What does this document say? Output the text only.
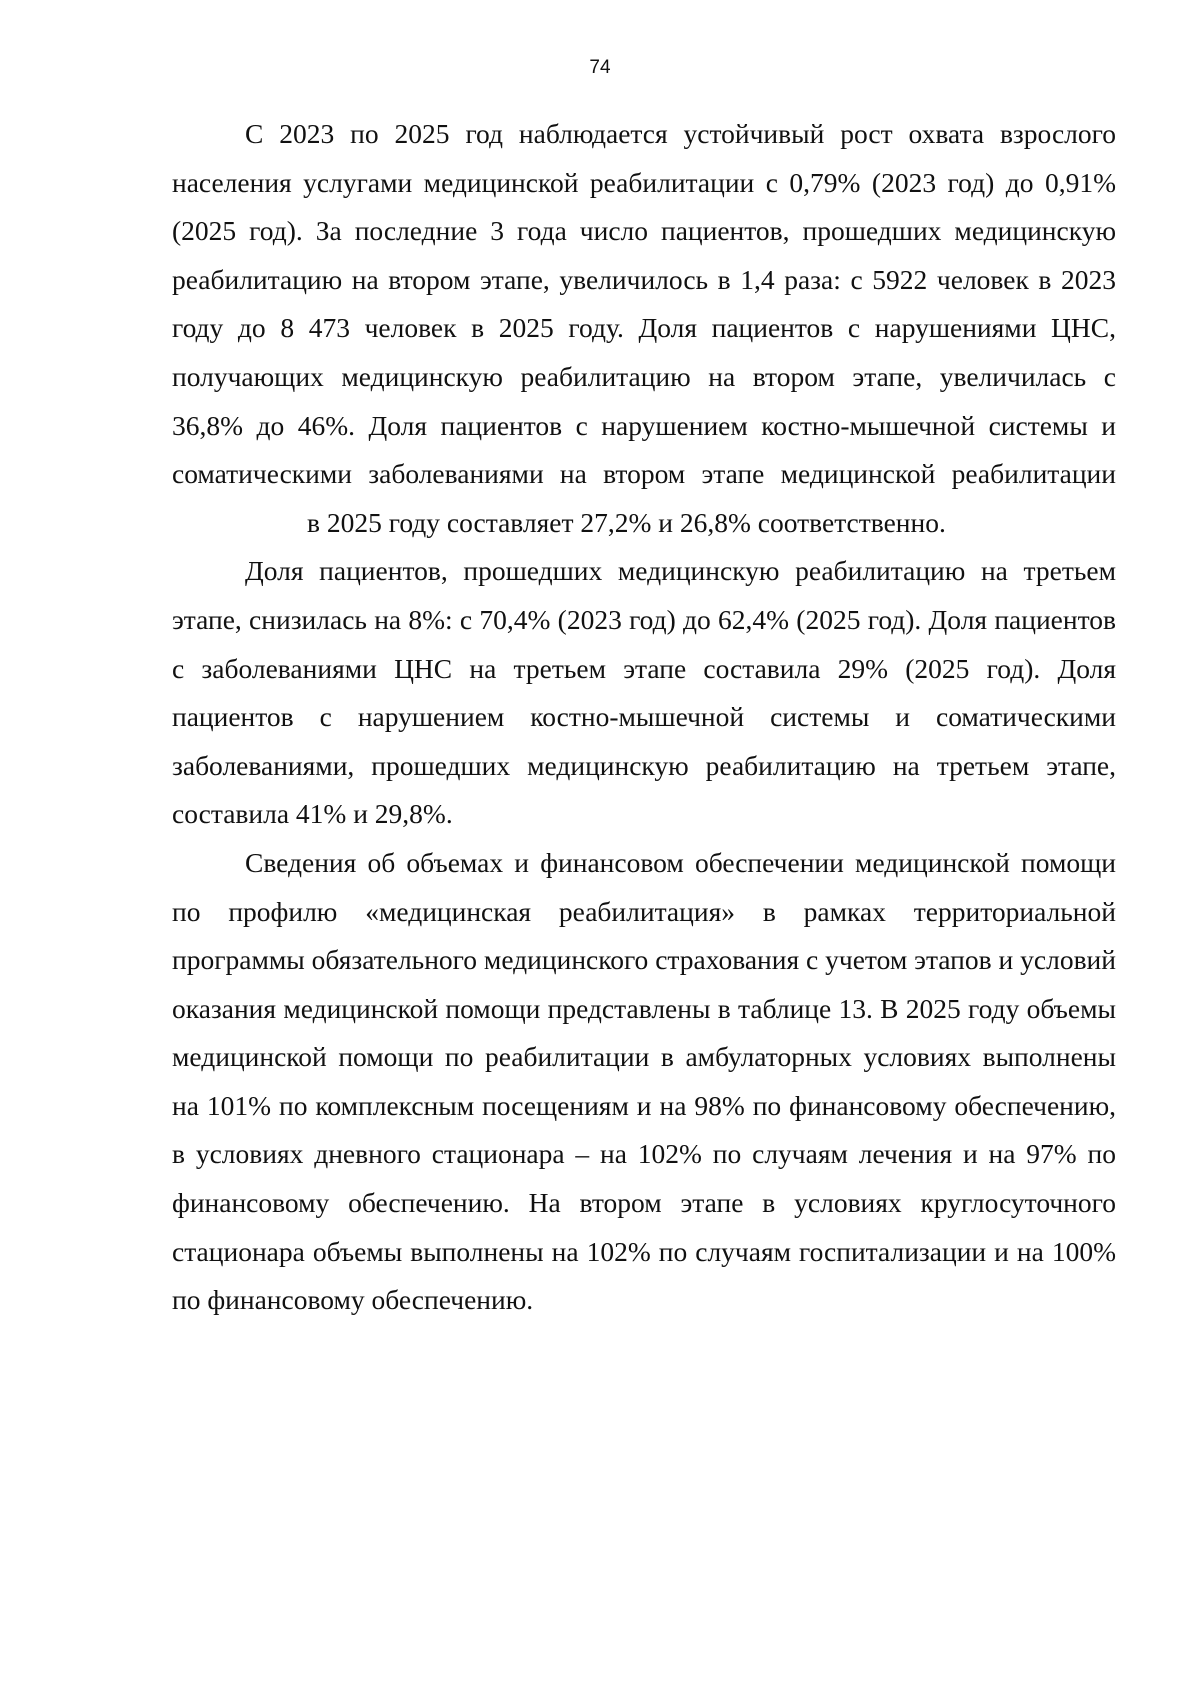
74

С 2023 по 2025 год наблюдается устойчивый рост охвата взрослого населения услугами медицинской реабилитации с 0,79% (2023 год) до 0,91% (2025 год). За последние 3 года число пациентов, прошедших медицинскую реабилитацию на втором этапе, увеличилось в 1,4 раза: с 5922 человек в 2023 году до 8 473 человек в 2025 году. Доля пациентов с нарушениями ЦНС, получающих медицинскую реабилитацию на втором этапе, увеличилась с 36,8% до 46%. Доля пациентов с нарушением костно-мышечной системы и соматическими заболеваниями на втором этапе медицинской реабилитациив 2025 году составляет 27,2% и 26,8% соответственно.

Доля пациентов, прошедших медицинскую реабилитацию на третьем этапе, снизилась на 8%: с 70,4% (2023 год) до 62,4% (2025 год). Доля пациентов с заболеваниями ЦНС на третьем этапе составила 29% (2025 год). Доля пациентов с нарушением костно-мышечной системы и соматическими заболеваниями, прошедших медицинскую реабилитацию на третьем этапе, составила 41% и 29,8%.

Сведения об объемах и финансовом обеспечении медицинской помощи по профилю «медицинская реабилитация» в рамках территориальной программы обязательного медицинского страхования с учетом этапов и условий оказания медицинской помощи представлены в таблице 13. В 2025 году объемы медицинской помощи по реабилитации в амбулаторных условиях выполнены на 101% по комплексным посещениям и на 98% по финансовому обеспечению, в условиях дневного стационара – на 102% по случаям лечения и на 97% по финансовому обеспечению. На втором этапе в условиях круглосуточного стационара объемы выполнены на 102% по случаям госпитализации и на 100% по финансовому обеспечению.
